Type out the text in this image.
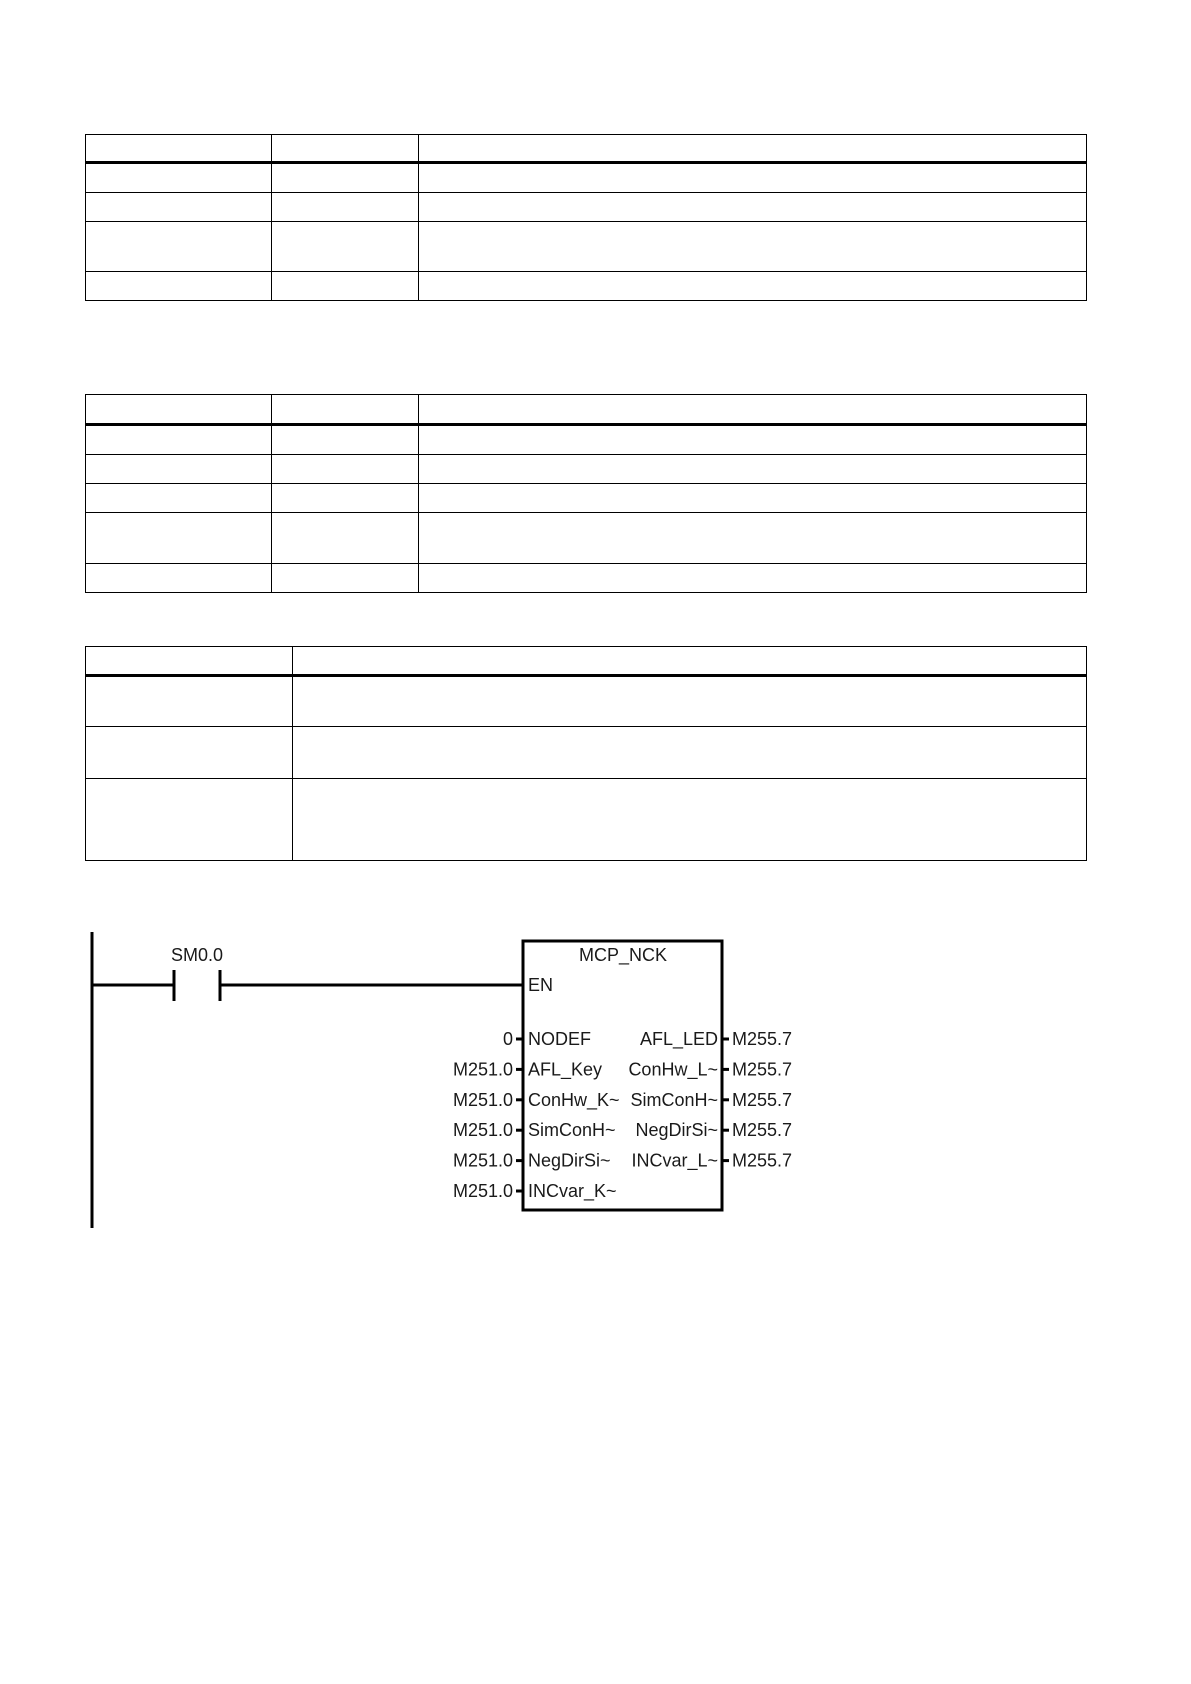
SM0.0	MCP_NCK
EN
0 NODEF
M251.0 AFL_Key
M251.0 ConHw_K~
M251.0 SimConH~
M251.0 NegDirSi~
M251.0 INCvar_K~
AFL_LED M255.7
ConHw_L~ M255.7
SimConH~ M255.7
NegDirSi~ M255.7
INCvar_L~ M255.7
